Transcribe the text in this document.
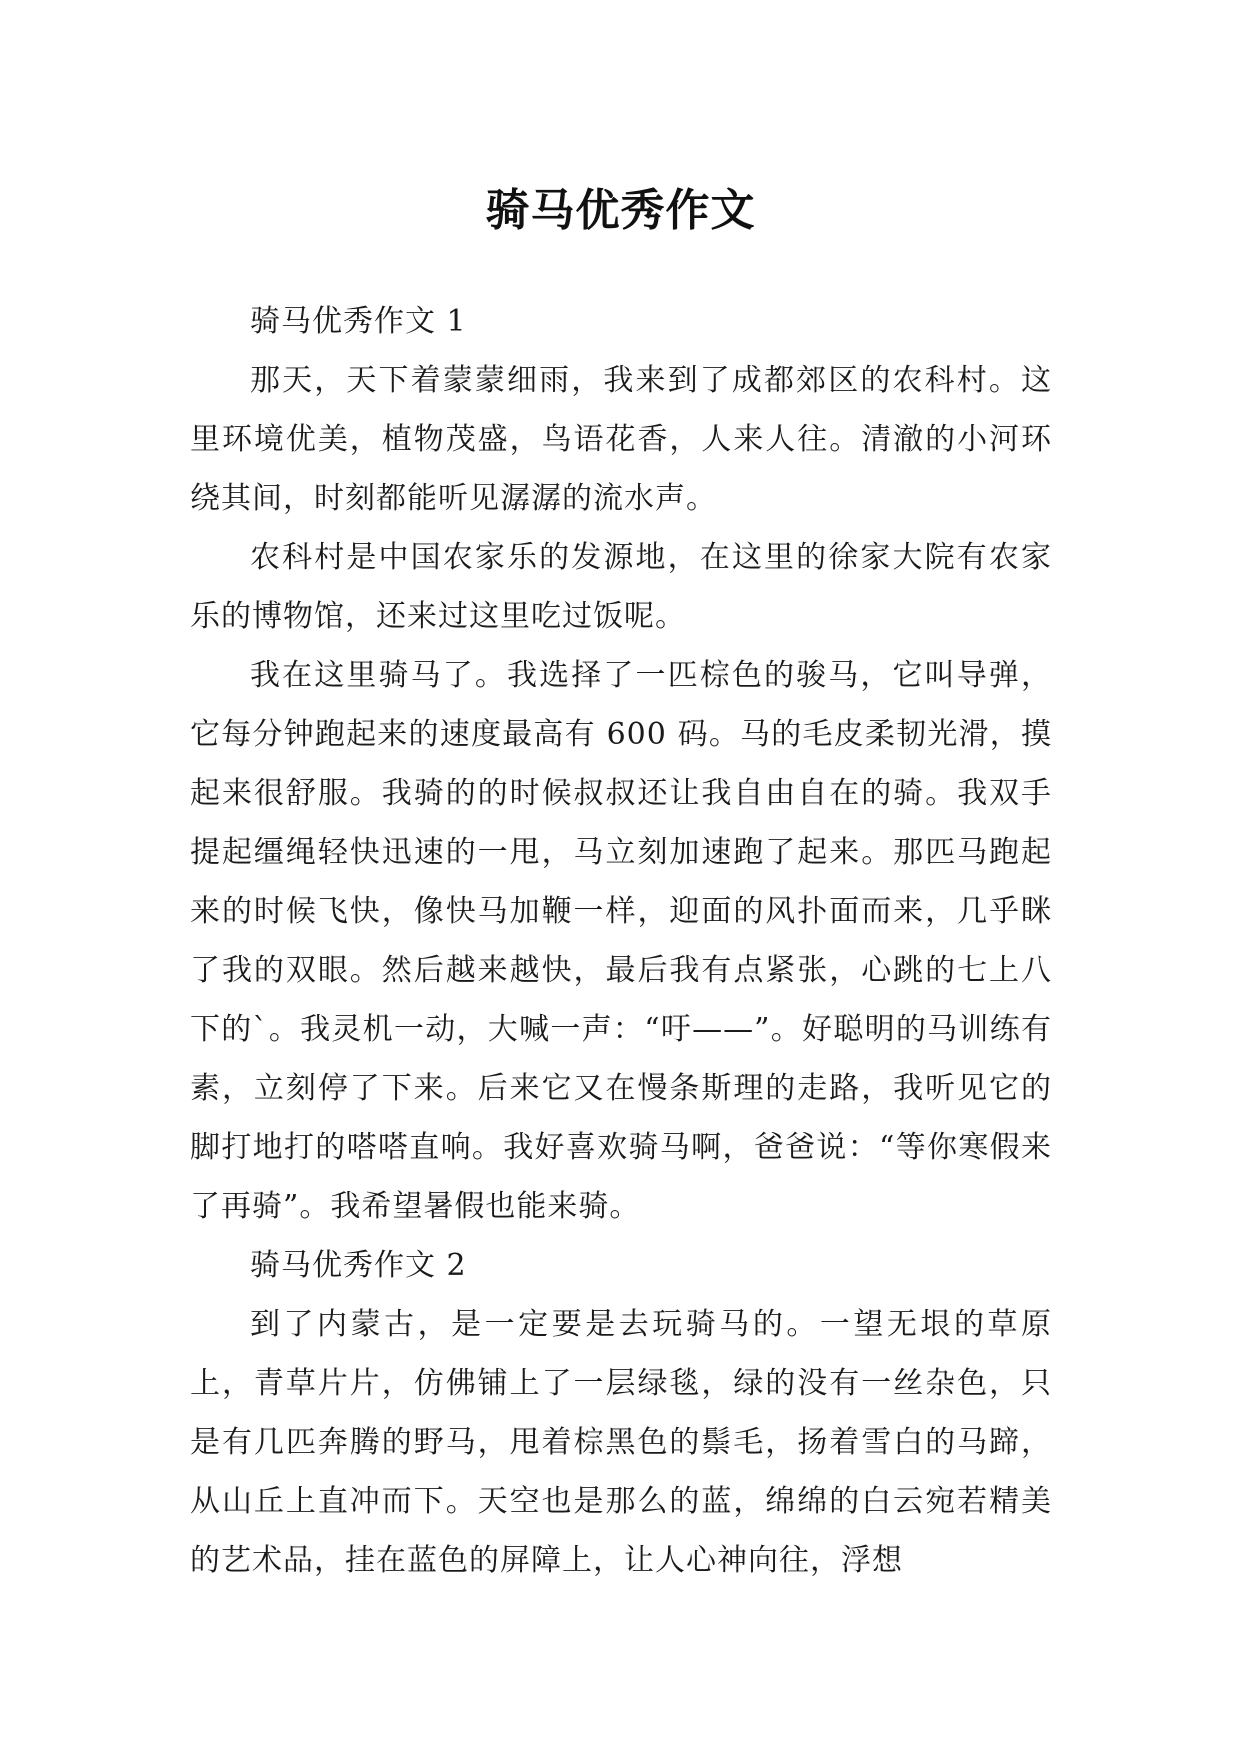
骑马优秀作文

骑马优秀作文 1

那天，天下着蒙蒙细雨，我来到了成都郊区的农科村。这里环境优美，植物茂盛，鸟语花香，人来人往。清澈的小河环绕其间，时刻都能听见潺潺的流水声。

农科村是中国农家乐的发源地，在这里的徐家大院有农家乐的博物馆，还来过这里吃过饭呢。

我在这里骑马了。我选择了一匹棕色的骏马，它叫导弹，它每分钟跑起来的速度最高有 600 码。马的毛皮柔韧光滑，摸起来很舒服。我骑的的时候叔叔还让我自由自在的骑。我双手提起缰绳轻快迅速的一甩，马立刻加速跑了起来。那匹马跑起来的时候飞快，像快马加鞭一样，迎面的风扑面而来，几乎眯了我的双眼。然后越来越快，最后我有点紧张，心跳的七上八下的`。我灵机一动，大喊一声：“吁——”。好聪明的马训练有素，立刻停了下来。后来它又在慢条斯理的走路，我听见它的脚打地打的嗒嗒直响。我好喜欢骑马啊，爸爸说：“等你寒假来了再骑”。我希望暑假也能来骑。

骑马优秀作文 2

到了内蒙古，是一定要是去玩骑马的。一望无垠的草原上，青草片片，仿佛铺上了一层绿毯，绿的没有一丝杂色，只是有几匹奔腾的野马，甩着棕黑色的鬃毛，扬着雪白的马蹄，从山丘上直冲而下。天空也是那么的蓝，绵绵的白云宛若精美的艺术品，挂在蓝色的屏障上，让人心神向往，浮想
